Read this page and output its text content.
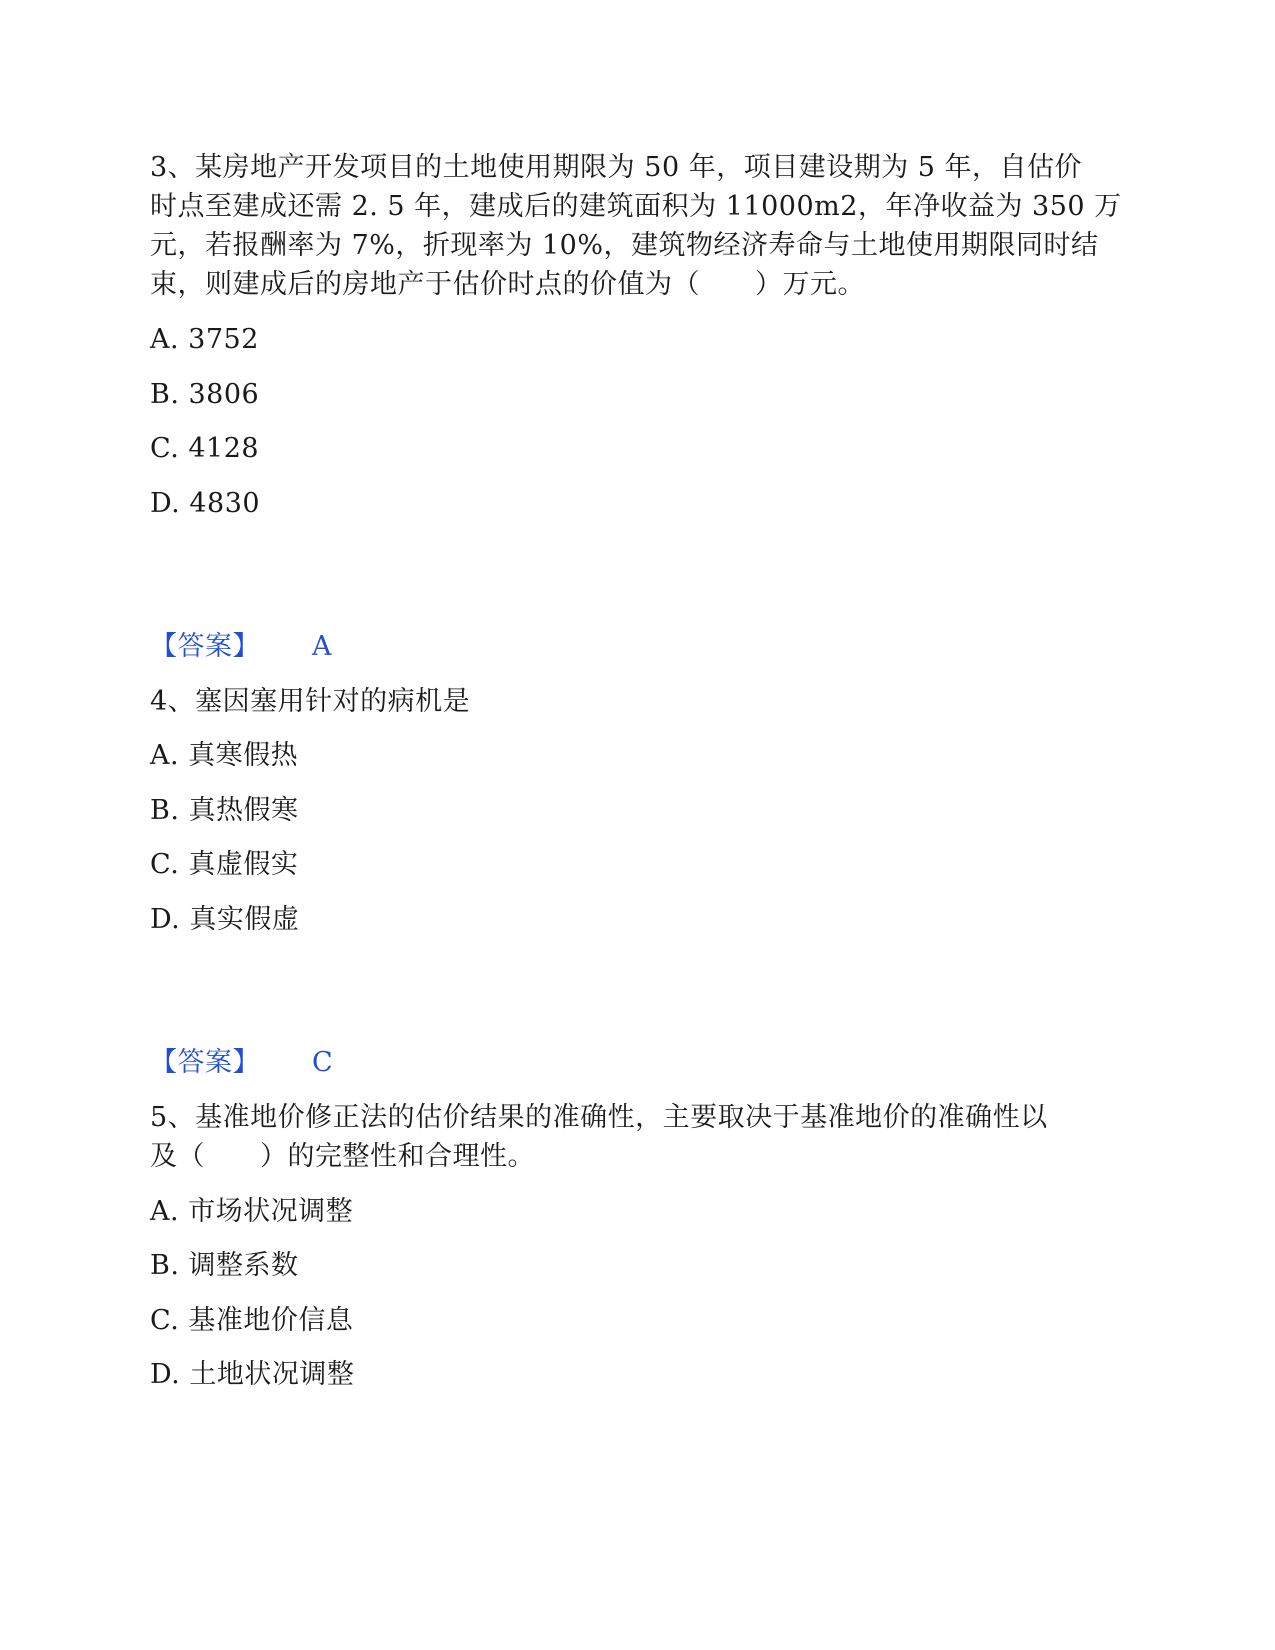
3、某房地产开发项目的土地使用期限为 50 年，项目建设期为 5 年，自估价
时点至建成还需 2. 5 年，建成后的建筑面积为 11000m2，年净收益为 350 万
元，若报酬率为 7%，折现率为 10%，建筑物经济寿命与土地使用期限同时结
束，则建成后的房地产于估价时点的价值为（　　）万元。
A. 3752
B. 3806
C. 4128
D. 4830
【答案】 A
4、塞因塞用针对的病机是
A. 真寒假热
B. 真热假寒
C. 真虚假实
D. 真实假虚
【答案】 C
5、基准地价修正法的估价结果的准确性，主要取决于基准地价的准确性以
及（　　）的完整性和合理性。
A. 市场状况调整
B. 调整系数
C. 基准地价信息
D. 土地状况调整
